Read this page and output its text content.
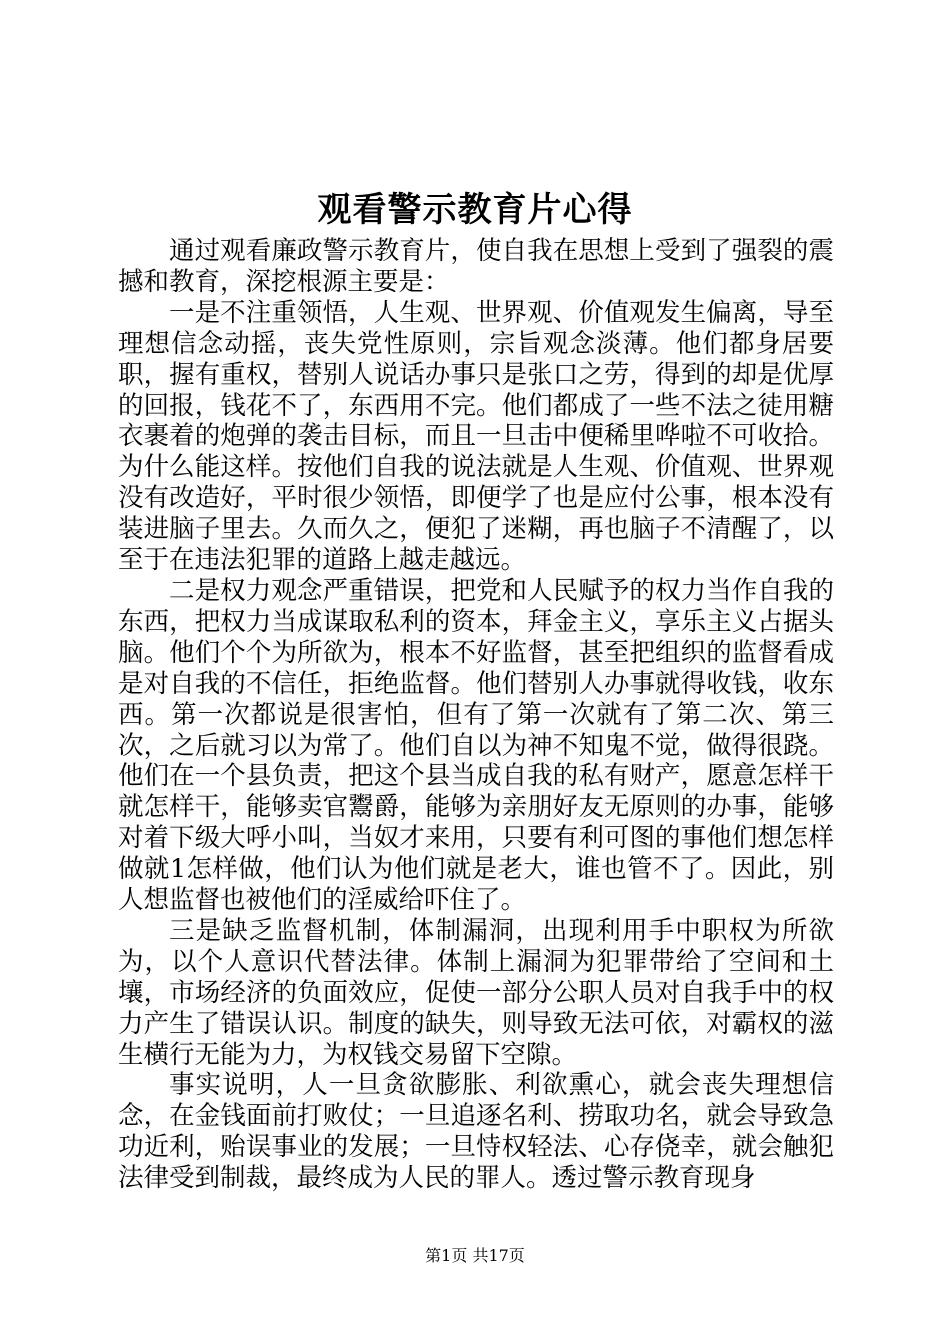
观看警示教育片心得

通过观看廉政警示教育片，使自我在思想上受到了强裂的震撼和教育，深挖根源主要是：

一是不注重领悟，人生观、世界观、价值观发生偏离，导至理想信念动摇，丧失党性原则，宗旨观念淡薄。他们都身居要职，握有重权，替别人说话办事只是张口之劳，得到的却是优厚的回报，钱花不了，东西用不完。他们都成了一些不法之徒用糖衣裹着的炮弹的袭击目标，而且一旦击中便稀里哗啦不可收拾。为什么能这样。按他们自我的说法就是人生观、价值观、世界观没有改造好，平时很少领悟，即便学了也是应付公事，根本没有装进脑子里去。久而久之，便犯了迷糊，再也脑子不清醒了，以至于在违法犯罪的道路上越走越远。

二是权力观念严重错误，把党和人民赋予的权力当作自我的东西，把权力当成谋取私利的资本，拜金主义，享乐主义占据头脑。他们个个为所欲为，根本不好监督，甚至把组织的监督看成是对自我的不信任，拒绝监督。他们替别人办事就得收钱，收东西。第一次都说是很害怕，但有了第一次就有了第二次、第三次，之后就习以为常了。他们自以为神不知鬼不觉，做得很跷。他们在一个县负责，把这个县当成自我的私有财产，愿意怎样干就怎样干，能够卖官鬻爵，能够为亲朋好友无原则的办事，能够对着下级大呼小叫，当奴才来用，只要有利可图的事他们想怎样做就1怎样做，他们认为他们就是老大，谁也管不了。因此，别人想监督也被他们的淫威给吓住了。

三是缺乏监督机制，体制漏洞，出现利用手中职权为所欲为，以个人意识代替法律。体制上漏洞为犯罪带给了空间和土壤，市场经济的负面效应，促使一部分公职人员对自我手中的权力产生了错误认识。制度的缺失，则导致无法可依，对霸权的滋生横行无能为力，为权钱交易留下空隙。

事实说明，人一旦贪欲膨胀、利欲熏心，就会丧失理想信念，在金钱面前打败仗；一旦追逐名利、捞取功名，就会导致急功近利，贻误事业的发展；一旦恃权轻法、心存侥幸，就会触犯法律受到制裁，最终成为人民的罪人。透过警示教育现身

第1页 共17页
